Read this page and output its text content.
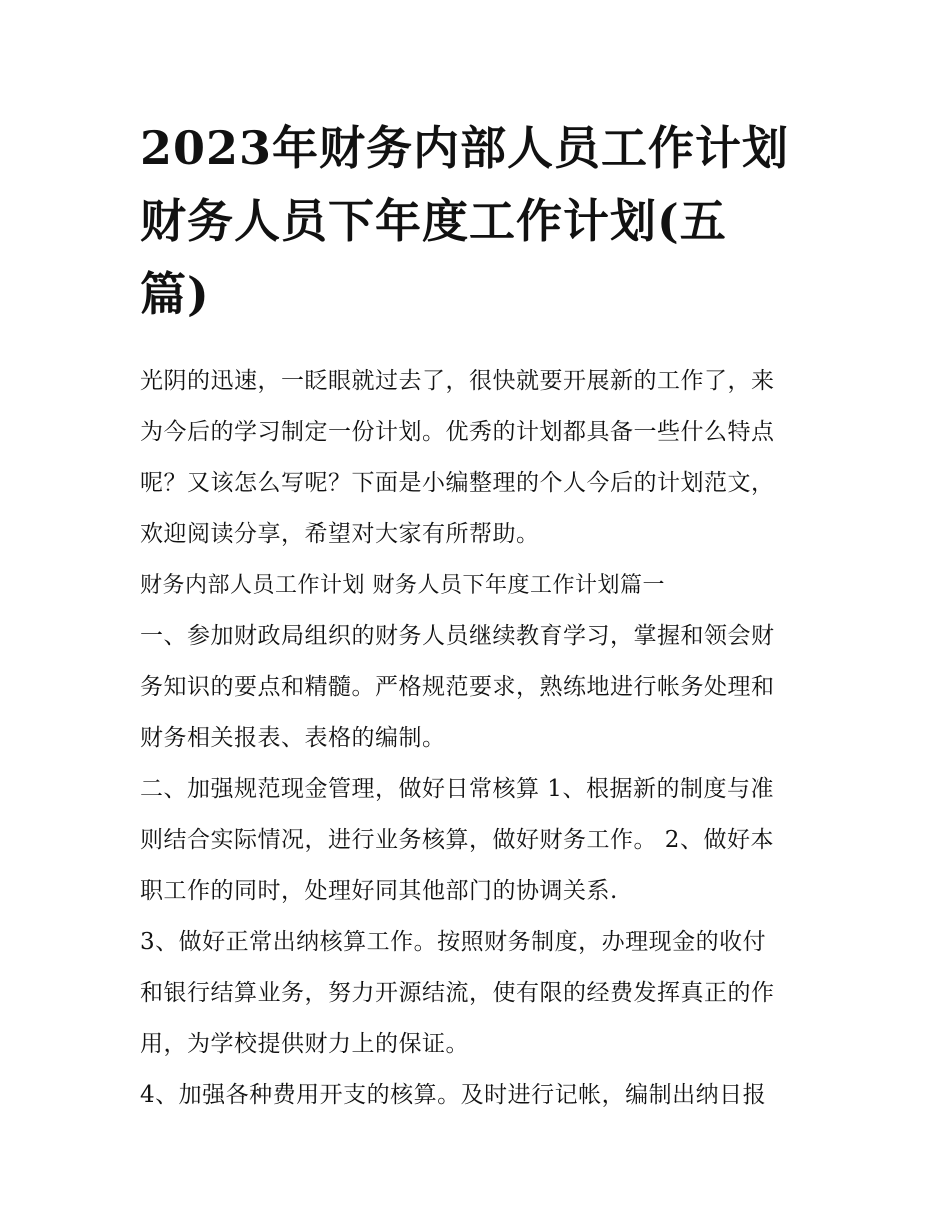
2023年财务内部人员工作计划
财务人员下年度工作计划(五
篇)
光阴的迅速，一眨眼就过去了，很快就要开展新的工作了，来
为今后的学习制定一份计划。优秀的计划都具备一些什么特点
呢？又该怎么写呢？下面是小编整理的个人今后的计划范文，
欢迎阅读分享，希望对大家有所帮助。
财务内部人员工作计划 财务人员下年度工作计划篇一
一、参加财政局组织的财务人员继续教育学习，掌握和领会财
务知识的要点和精髓。严格规范要求，熟练地进行帐务处理和
财务相关报表、表格的编制。
二、加强规范现金管理，做好日常核算 1、根据新的制度与准
则结合实际情况，进行业务核算，做好财务工作。 2、做好本
职工作的同时，处理好同其他部门的协调关系.
3、做好正常出纳核算工作。按照财务制度，办理现金的收付
和银行结算业务，努力开源结流，使有限的经费发挥真正的作
用，为学校提供财力上的保证。
4、加强各种费用开支的核算。及时进行记帐，编制出纳日报
